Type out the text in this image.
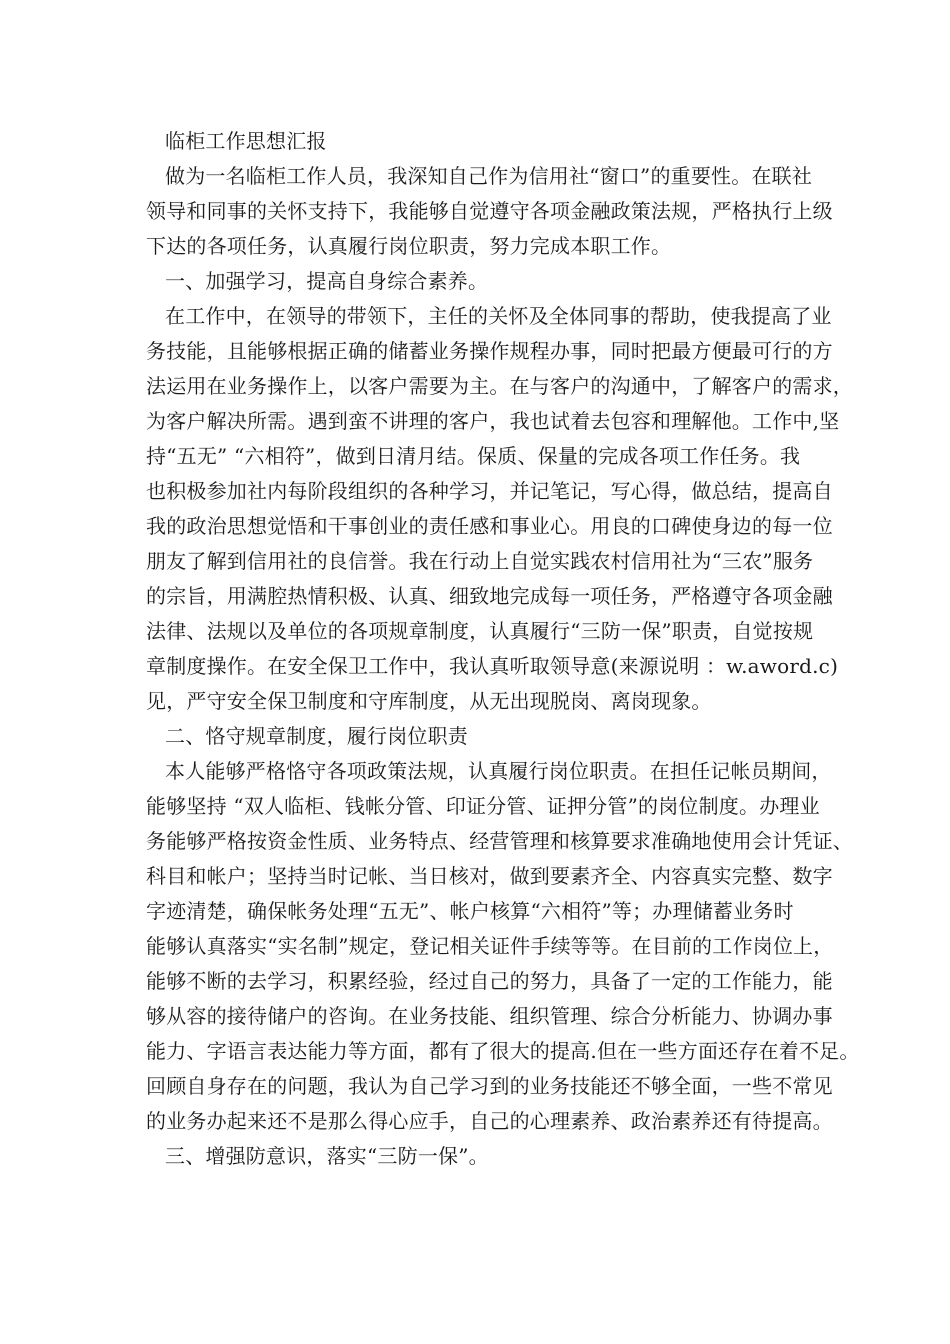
临柜工作思想汇报
做为一名临柜工作人员，我深知自己作为信用社“窗口”的重要性。在联社
领导和同事的关怀支持下，我能够自觉遵守各项金融政策法规，严格执行上级
下达的各项任务，认真履行岗位职责，努力完成本职工作。
一、加强学习，提高自身综合素养。
在工作中，在领导的带领下，主任的关怀及全体同事的帮助，使我提高了业
务技能，且能够根据正确的储蓄业务操作规程办事，同时把最方便最可行的方
法运用在业务操作上，以客户需要为主。在与客户的沟通中，了解客户的需求，
为客户解决所需。遇到蛮不讲理的客户，我也试着去包容和理解他。工作中,坚
持“五无” “六相符”，做到日清月结。保质、保量的完成各项工作任务。我
也积极参加社内每阶段组织的各种学习，并记笔记，写心得，做总结，提高自
我的政治思想觉悟和干事创业的责任感和事业心。用良的口碑使身边的每一位
朋友了解到信用社的良信誉。我在行动上自觉实践农村信用社为“三农”服务
的宗旨，用满腔热情积极、认真、细致地完成每一项任务，严格遵守各项金融
法律、法规以及单位的各项规章制度，认真履行“三防一保”职责，自觉按规
章制度操作。在安全保卫工作中，我认真听取领导意(来源说明 ：w.aword.c)
见，严守安全保卫制度和守库制度，从无出现脱岗、离岗现象。
二、恪守规章制度，履行岗位职责
本人能够严格恪守各项政策法规，认真履行岗位职责。在担任记帐员期间，
能够坚持 “双人临柜、钱帐分管、印证分管、证押分管”的岗位制度。办理业
务能够严格按资金性质、业务特点、经营管理和核算要求准确地使用会计凭证、
科目和帐户；坚持当时记帐、当日核对，做到要素齐全、内容真实完整、数字
字迹清楚，确保帐务处理“五无”、帐户核算“六相符”等；办理储蓄业务时
能够认真落实“实名制”规定，登记相关证件手续等等。在目前的工作岗位上，
能够不断的去学习，积累经验，经过自己的努力，具备了一定的工作能力，能
够从容的接待储户的咨询。在业务技能、组织管理、综合分析能力、协调办事
能力、字语言表达能力等方面，都有了很大的提高.但在一些方面还存在着不足。
回顾自身存在的问题，我认为自己学习到的业务技能还不够全面，一些不常见
的业务办起来还不是那么得心应手，自己的心理素养、政治素养还有待提高。
三、增强防意识，落实“三防一保”。
